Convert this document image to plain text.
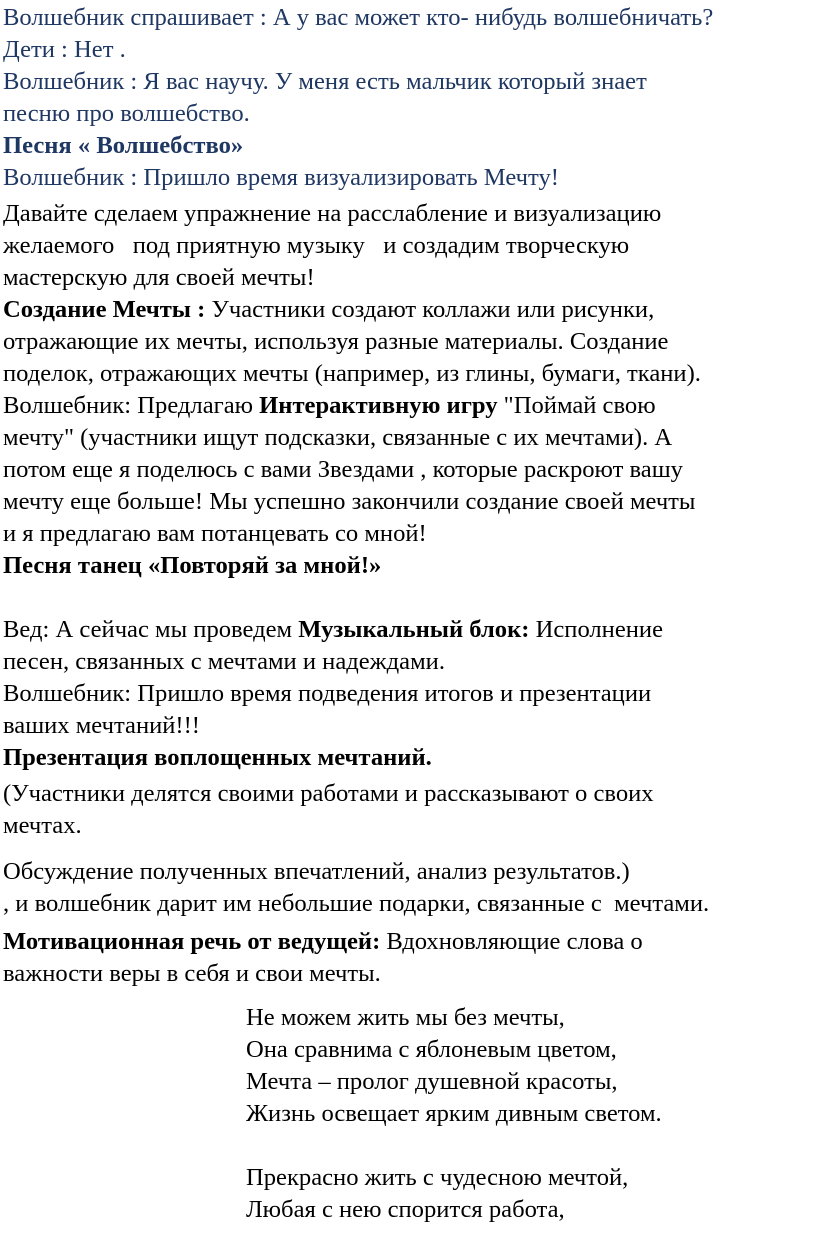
Волшебник спрашивает : А у вас может кто- нибудь волшебничать?
Дети : Нет .
Волшебник : Я вас научу. У меня есть мальчик который знает
песню про волшебство.
Песня « Волшебство»
Волшебник : Пришло время визуализировать Мечту!
Давайте сделаем упражнение на расслабление и визуализацию
желаемого   под приятную музыку   и создадим творческую
мастерскую для своей мечты!
Создание Мечты : Участники создают коллажи или рисунки,
отражающие их мечты, используя разные материалы. Создание
поделок, отражающих мечты (например, из глины, бумаги, ткани).
Волшебник: Предлагаю Интерактивную игру "Поймай свою
мечту" (участники ищут подсказки, связанные с их мечтами). А
потом еще я поделюсь с вами Звездами , которые раскроют вашу
мечту еще больше! Мы успешно закончили создание своей мечты
и я предлагаю вам потанцевать со мной!
Песня танец «Повторяй за мной!»
Вед: А сейчас мы проведем Музыкальный блок: Исполнение
песен, связанных с мечтами и надеждами.
Волшебник: Пришло время подведения итогов и презентации
ваших мечтаний!!!
Презентация воплощенных мечтаний.
(Участники делятся своими работами и рассказывают о своих
мечтах.
Обсуждение полученных впечатлений, анализ результатов.)
, и волшебник дарит им небольшие подарки, связанные с  мечтами.
Мотивационная речь от ведущей: Вдохновляющие слова о
важности веры в себя и свои мечты.
Не можем жить мы без мечты,
Она сравнима с яблоневым цветом,
Мечта – пролог душевной красоты,
Жизнь освещает ярким дивным светом.
Прекрасно жить с чудесною мечтой,
Любая с нею спорится работа,
